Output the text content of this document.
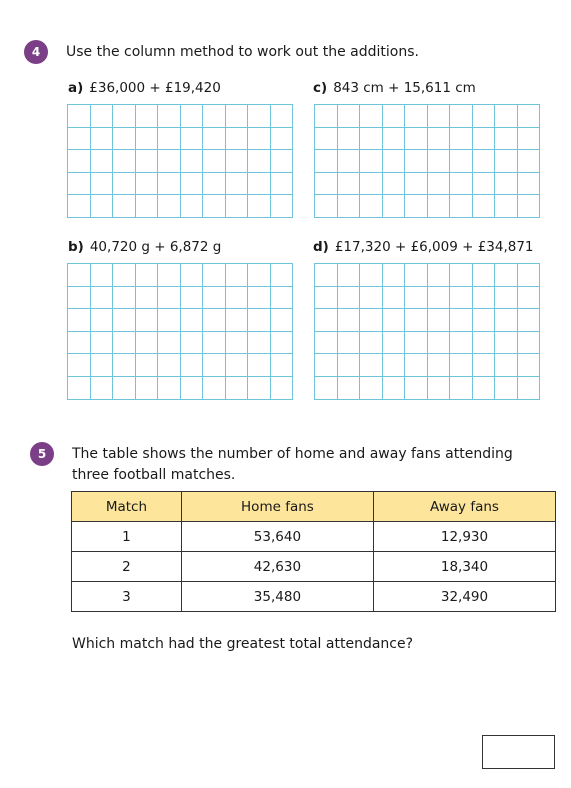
4	Use the column method to work out the additions.
a) £36,000 + £19,420	c) 843 cm + 15,611 cm
b) 40,720 g + 6,872 g	d) £17,320 + £6,009 + £34,871
5	The table shows the number of home and away fans attending
three football matches.
Match	Home fans	Away fans
1	53,640	12,930
2	42,630	18,340
3	35,480	32,490
Which match had the greatest total attendance?
